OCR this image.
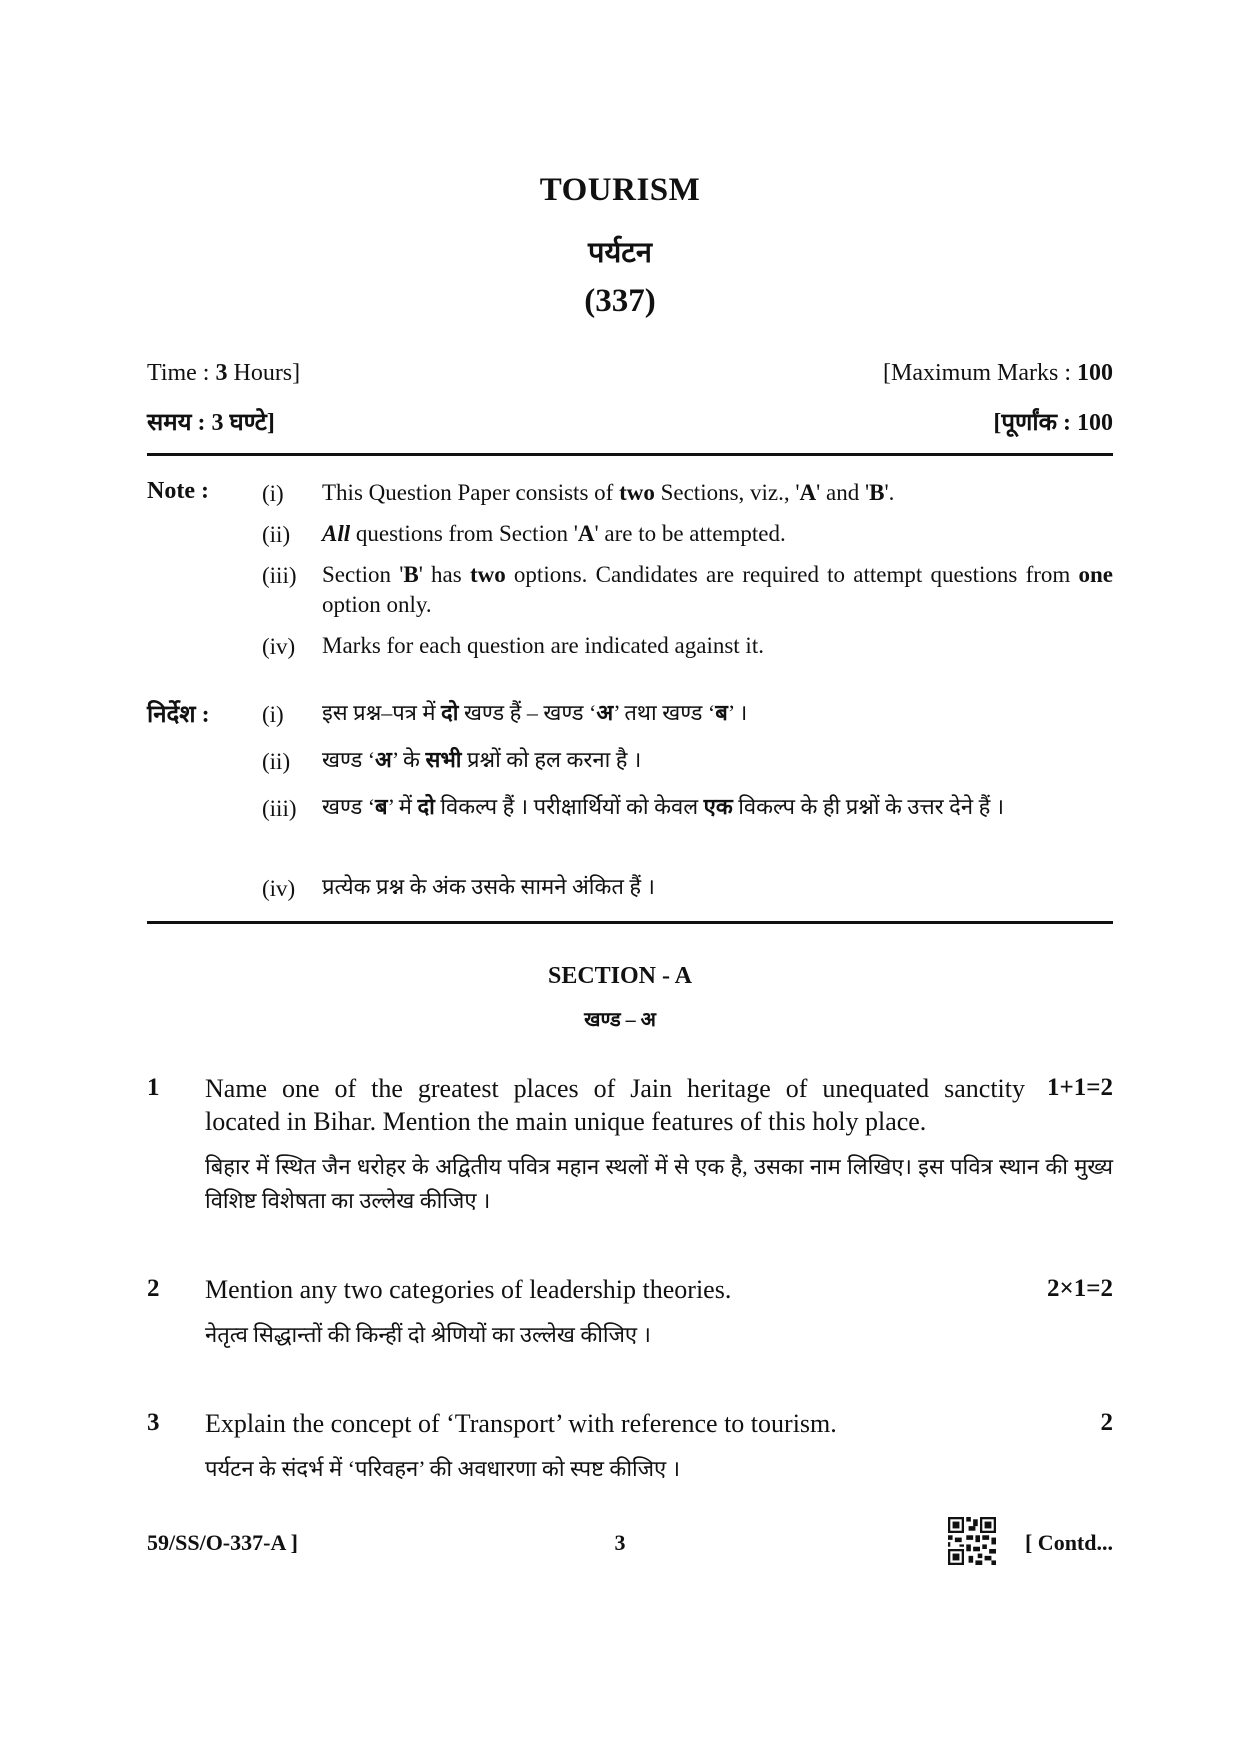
TOURISM
पर्यटन
(337)
Time : 3 Hours]	[Maximum Marks : 100
समय : 3 घण्टे]	[पूर्णांक : 100
Note : (i) This Question Paper consists of two Sections, viz., 'A' and 'B'.
(ii) All questions from Section 'A' are to be attempted.
(iii) Section 'B' has two options. Candidates are required to attempt questions from one option only.
(iv) Marks for each question are indicated against it.
निर्देश : (i) इस प्रश्न–पत्र में दो खण्ड हैं – खण्ड ‘अ’ तथा खण्ड ‘ब’ ।
(ii) खण्ड ‘अ’ के सभी प्रश्नों को हल करना है ।
(iii) खण्ड ‘ब’ में दो विकल्प हैं । परीक्षार्थियों को केवल एक विकल्प के ही प्रश्नों के उत्तर देने हैं ।
(iv) प्रत्येक प्रश्न के अंक उसके सामने अंकित हैं ।
SECTION - A
खण्ड – अ
1 Name one of the greatest places of Jain heritage of unequated sanctity
located in Bihar. Mention the main unique features of this holy place.
1+1=2
बिहार में स्थित जैन धरोहर के अद्वितीय पवित्र महान स्थलों में से एक है, उसका नाम लिखिए। इस पवित्र स्थान की मुख्य विशिष्ट विशेषता का उल्लेख कीजिए ।
2 Mention any two categories of leadership theories.	2×1=2
नेतृत्व सिद्धान्तों की किन्हीं दो श्रेणियों का उल्लेख कीजिए ।
3 Explain the concept of ‘Transport’ with reference to tourism.	2
पर्यटन के संदर्भ में ‘परिवहन’ की अवधारणा को स्पष्ट कीजिए ।
59/SS/O-337-A ]	3	[ Contd...
